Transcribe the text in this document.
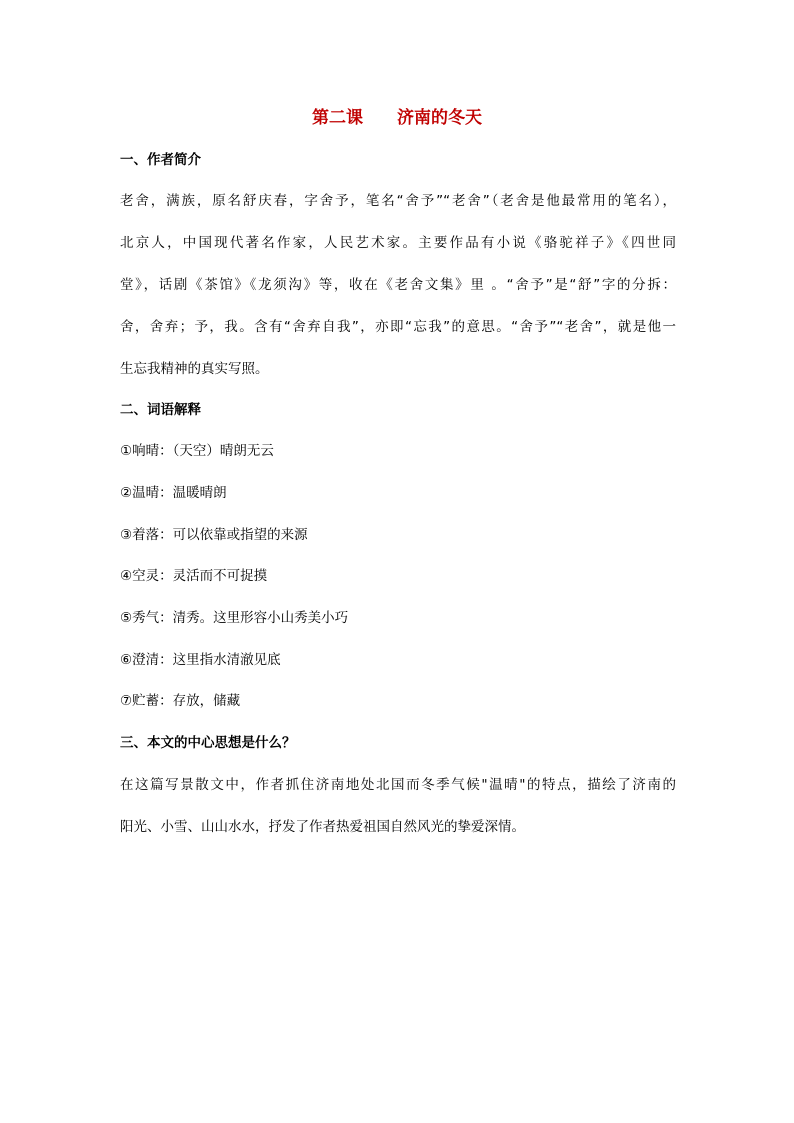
第二课　　济南的冬天
一、作者简介
老舍，满族，原名舒庆春，字舍予，笔名“舍予”“老舍”（老舍是他最常用的笔名），
北京人，中国现代著名作家，人民艺术家。主要作品有小说《骆驼祥子》《四世同
堂》，话剧《茶馆》《龙须沟》等，收在《老舍文集》里 。“舍予”是“舒”字的分拆：
舍，舍弃；予，我。含有“舍弃自我”，亦即“忘我”的意思。“舍予”“老舍”，就是他一
生忘我精神的真实写照。
二、词语解释
①响晴：（天空）晴朗无云
②温晴：温暖晴朗
③着落：可以依靠或指望的来源
④空灵：灵活而不可捉摸
⑤秀气：清秀。这里形容小山秀美小巧
⑥澄清：这里指水清澈见底
⑦贮蓄：存放，储藏
三、本文的中心思想是什么？
在这篇写景散文中，作者抓住济南地处北国而冬季气候"温晴"的特点，描绘了济南的
阳光、小雪、山山水水，抒发了作者热爱祖国自然风光的挚爱深情。
